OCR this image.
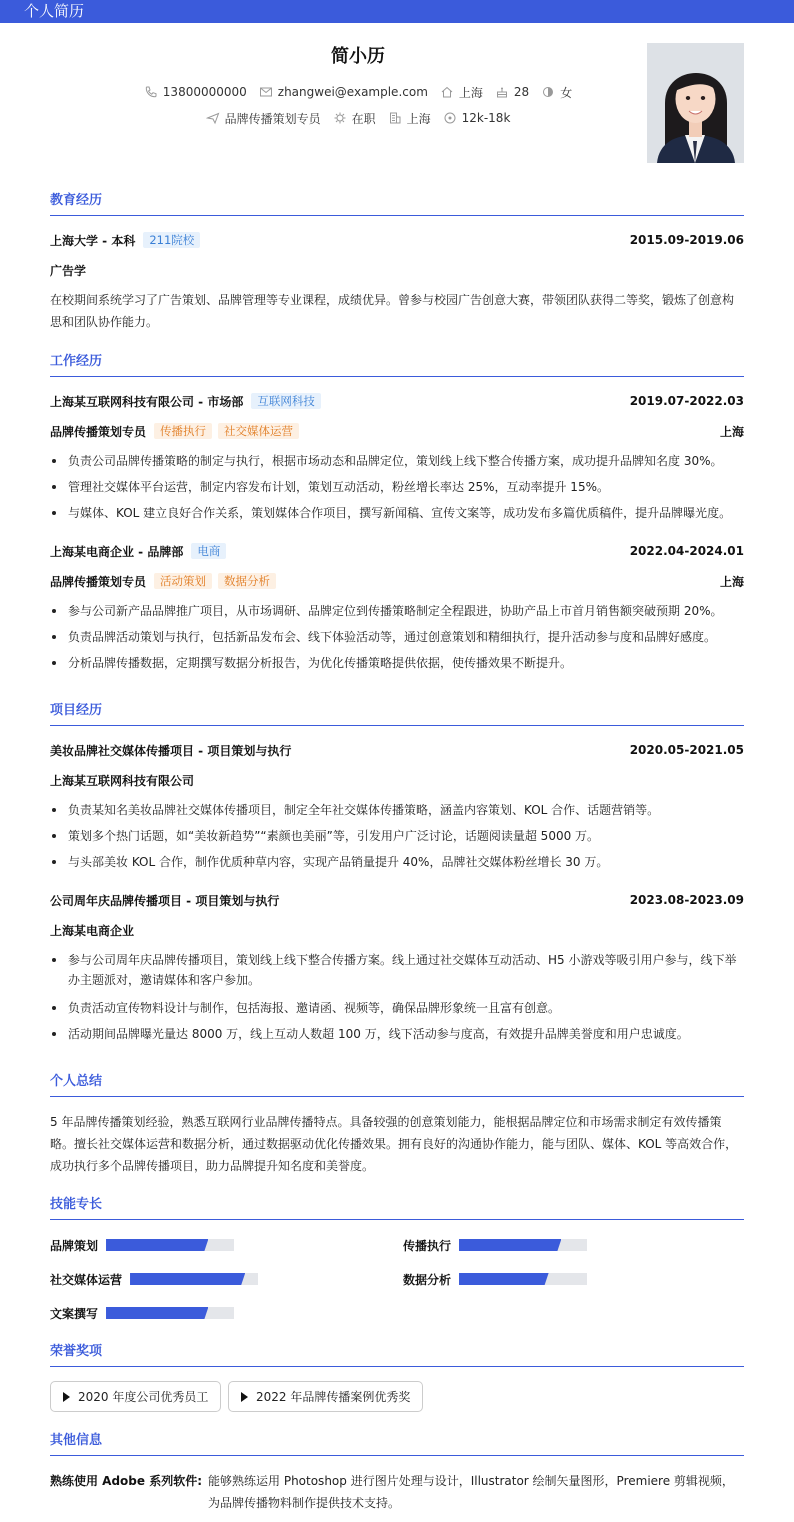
个人简历
简小历
13800000000	zhangwei@example.com	上海	28	女
品牌传播策划专员	在职	上海	12k-18k
教育经历
上海大学 - 本科	211院校	2015.09-2019.06
广告学
在校期间系统学习了广告策划、品牌管理等专业课程，成绩优异。曾参与校园广告创意大赛，带领团队获得二等奖，锻炼了创意构思和团队协作能力。
工作经历
上海某互联网科技有限公司 - 市场部	互联网科技	2019.07-2022.03
品牌传播策划专员	传播执行	社交媒体运营	上海
负责公司品牌传播策略的制定与执行，根据市场动态和品牌定位，策划线上线下整合传播方案，成功提升品牌知名度 30%。
管理社交媒体平台运营，制定内容发布计划，策划互动活动，粉丝增长率达 25%，互动率提升 15%。
与媒体、KOL 建立良好合作关系，策划媒体合作项目，撰写新闻稿、宣传文案等，成功发布多篇优质稿件，提升品牌曝光度。
上海某电商企业 - 品牌部	电商	2022.04-2024.01
品牌传播策划专员	活动策划	数据分析	上海
参与公司新产品品牌推广项目，从市场调研、品牌定位到传播策略制定全程跟进，协助产品上市首月销售额突破预期 20%。
负责品牌活动策划与执行，包括新品发布会、线下体验活动等，通过创意策划和精细执行，提升活动参与度和品牌好感度。
分析品牌传播数据，定期撰写数据分析报告，为优化传播策略提供依据，使传播效果不断提升。
项目经历
美妆品牌社交媒体传播项目 - 项目策划与执行	2020.05-2021.05
上海某互联网科技有限公司
负责某知名美妆品牌社交媒体传播项目，制定全年社交媒体传播策略，涵盖内容策划、KOL 合作、话题营销等。
策划多个热门话题，如“美妆新趋势”“素颜也美丽”等，引发用户广泛讨论，话题阅读量超 5000 万。
与头部美妆 KOL 合作，制作优质种草内容，实现产品销量提升 40%，品牌社交媒体粉丝增长 30 万。
公司周年庆品牌传播项目 - 项目策划与执行	2023.08-2023.09
上海某电商企业
参与公司周年庆品牌传播项目，策划线上线下整合传播方案。线上通过社交媒体互动活动、H5 小游戏等吸引用户参与，线下举办主题派对，邀请媒体和客户参加。
负责活动宣传物料设计与制作，包括海报、邀请函、视频等，确保品牌形象统一且富有创意。
活动期间品牌曝光量达 8000 万，线上互动人数超 100 万，线下活动参与度高，有效提升品牌美誉度和用户忠诚度。
个人总结
5 年品牌传播策划经验，熟悉互联网行业品牌传播特点。具备较强的创意策划能力，能根据品牌定位和市场需求制定有效传播策略。擅长社交媒体运营和数据分析，通过数据驱动优化传播效果。拥有良好的沟通协作能力，能与团队、媒体、KOL 等高效合作，成功执行多个品牌传播项目，助力品牌提升知名度和美誉度。
技能专长
品牌策划	传播执行
社交媒体运营	数据分析
文案撰写
荣誉奖项
2020 年度公司优秀员工	2022 年品牌传播案例优秀奖
其他信息
熟练使用 Adobe 系列软件: 能够熟练运用 Photoshop 进行图片处理与设计，Illustrator 绘制矢量图形，Premiere 剪辑视频，为品牌传播物料制作提供技术支持。
